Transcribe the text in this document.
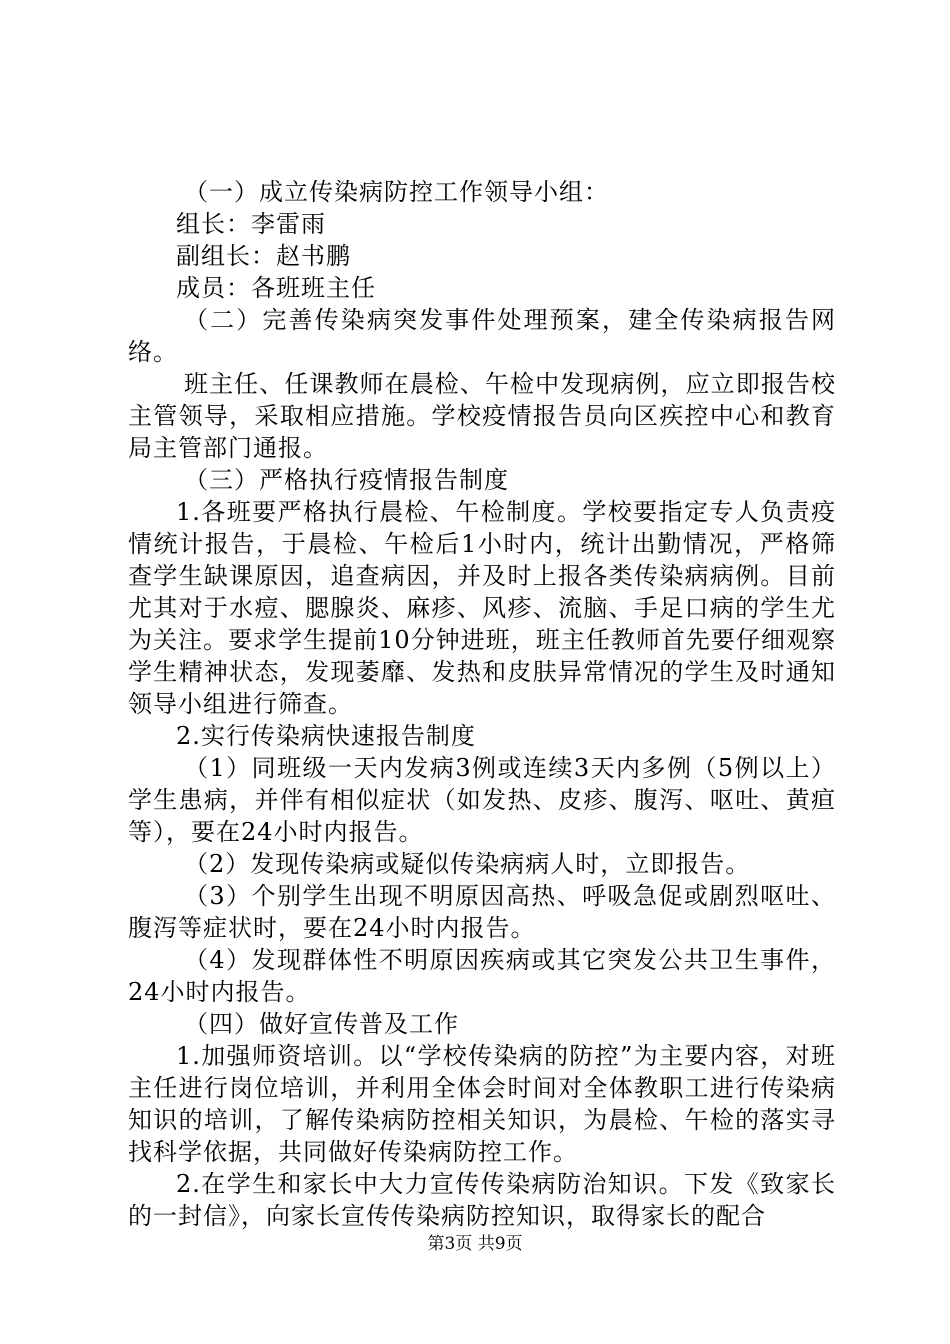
（一）成立传染病防控工作领导小组：

组长：李雷雨

副组长：赵书鹏

成员：各班班主任

（二）完善传染病突发事件处理预案，建全传染病报告网络。

班主任、任课教师在晨检、午检中发现病例，应立即报告校主管领导，采取相应措施。学校疫情报告员向区疾控中心和教育局主管部门通报。

（三）严格执行疫情报告制度

1.各班要严格执行晨检、午检制度。学校要指定专人负责疫情统计报告，于晨检、午检后1小时内，统计出勤情况，严格筛查学生缺课原因，追查病因，并及时上报各类传染病病例。目前尤其对于水痘、腮腺炎、麻疹、风疹、流脑、手足口病的学生尤为关注。要求学生提前10分钟进班，班主任教师首先要仔细观察学生精神状态，发现萎靡、发热和皮肤异常情况的学生及时通知领导小组进行筛查。

2.实行传染病快速报告制度

（1）同班级一天内发病3例或连续3天内多例（5例以上）学生患病，并伴有相似症状（如发热、皮疹、腹泻、呕吐、黄疸等），要在24小时内报告。

（2）发现传染病或疑似传染病病人时，立即报告。

（3）个别学生出现不明原因高热、呼吸急促或剧烈呕吐、腹泻等症状时，要在24小时内报告。

（4）发现群体性不明原因疾病或其它突发公共卫生事件，24小时内报告。

（四）做好宣传普及工作

1.加强师资培训。以“学校传染病的防控”为主要内容，对班主任进行岗位培训，并利用全体会时间对全体教职工进行传染病知识的培训，了解传染病防控相关知识，为晨检、午检的落实寻找科学依据，共同做好传染病防控工作。

2.在学生和家长中大力宣传传染病防治知识。下发《致家长的一封信》，向家长宣传传染病防控知识，取得家长的配合

第3页 共9页
